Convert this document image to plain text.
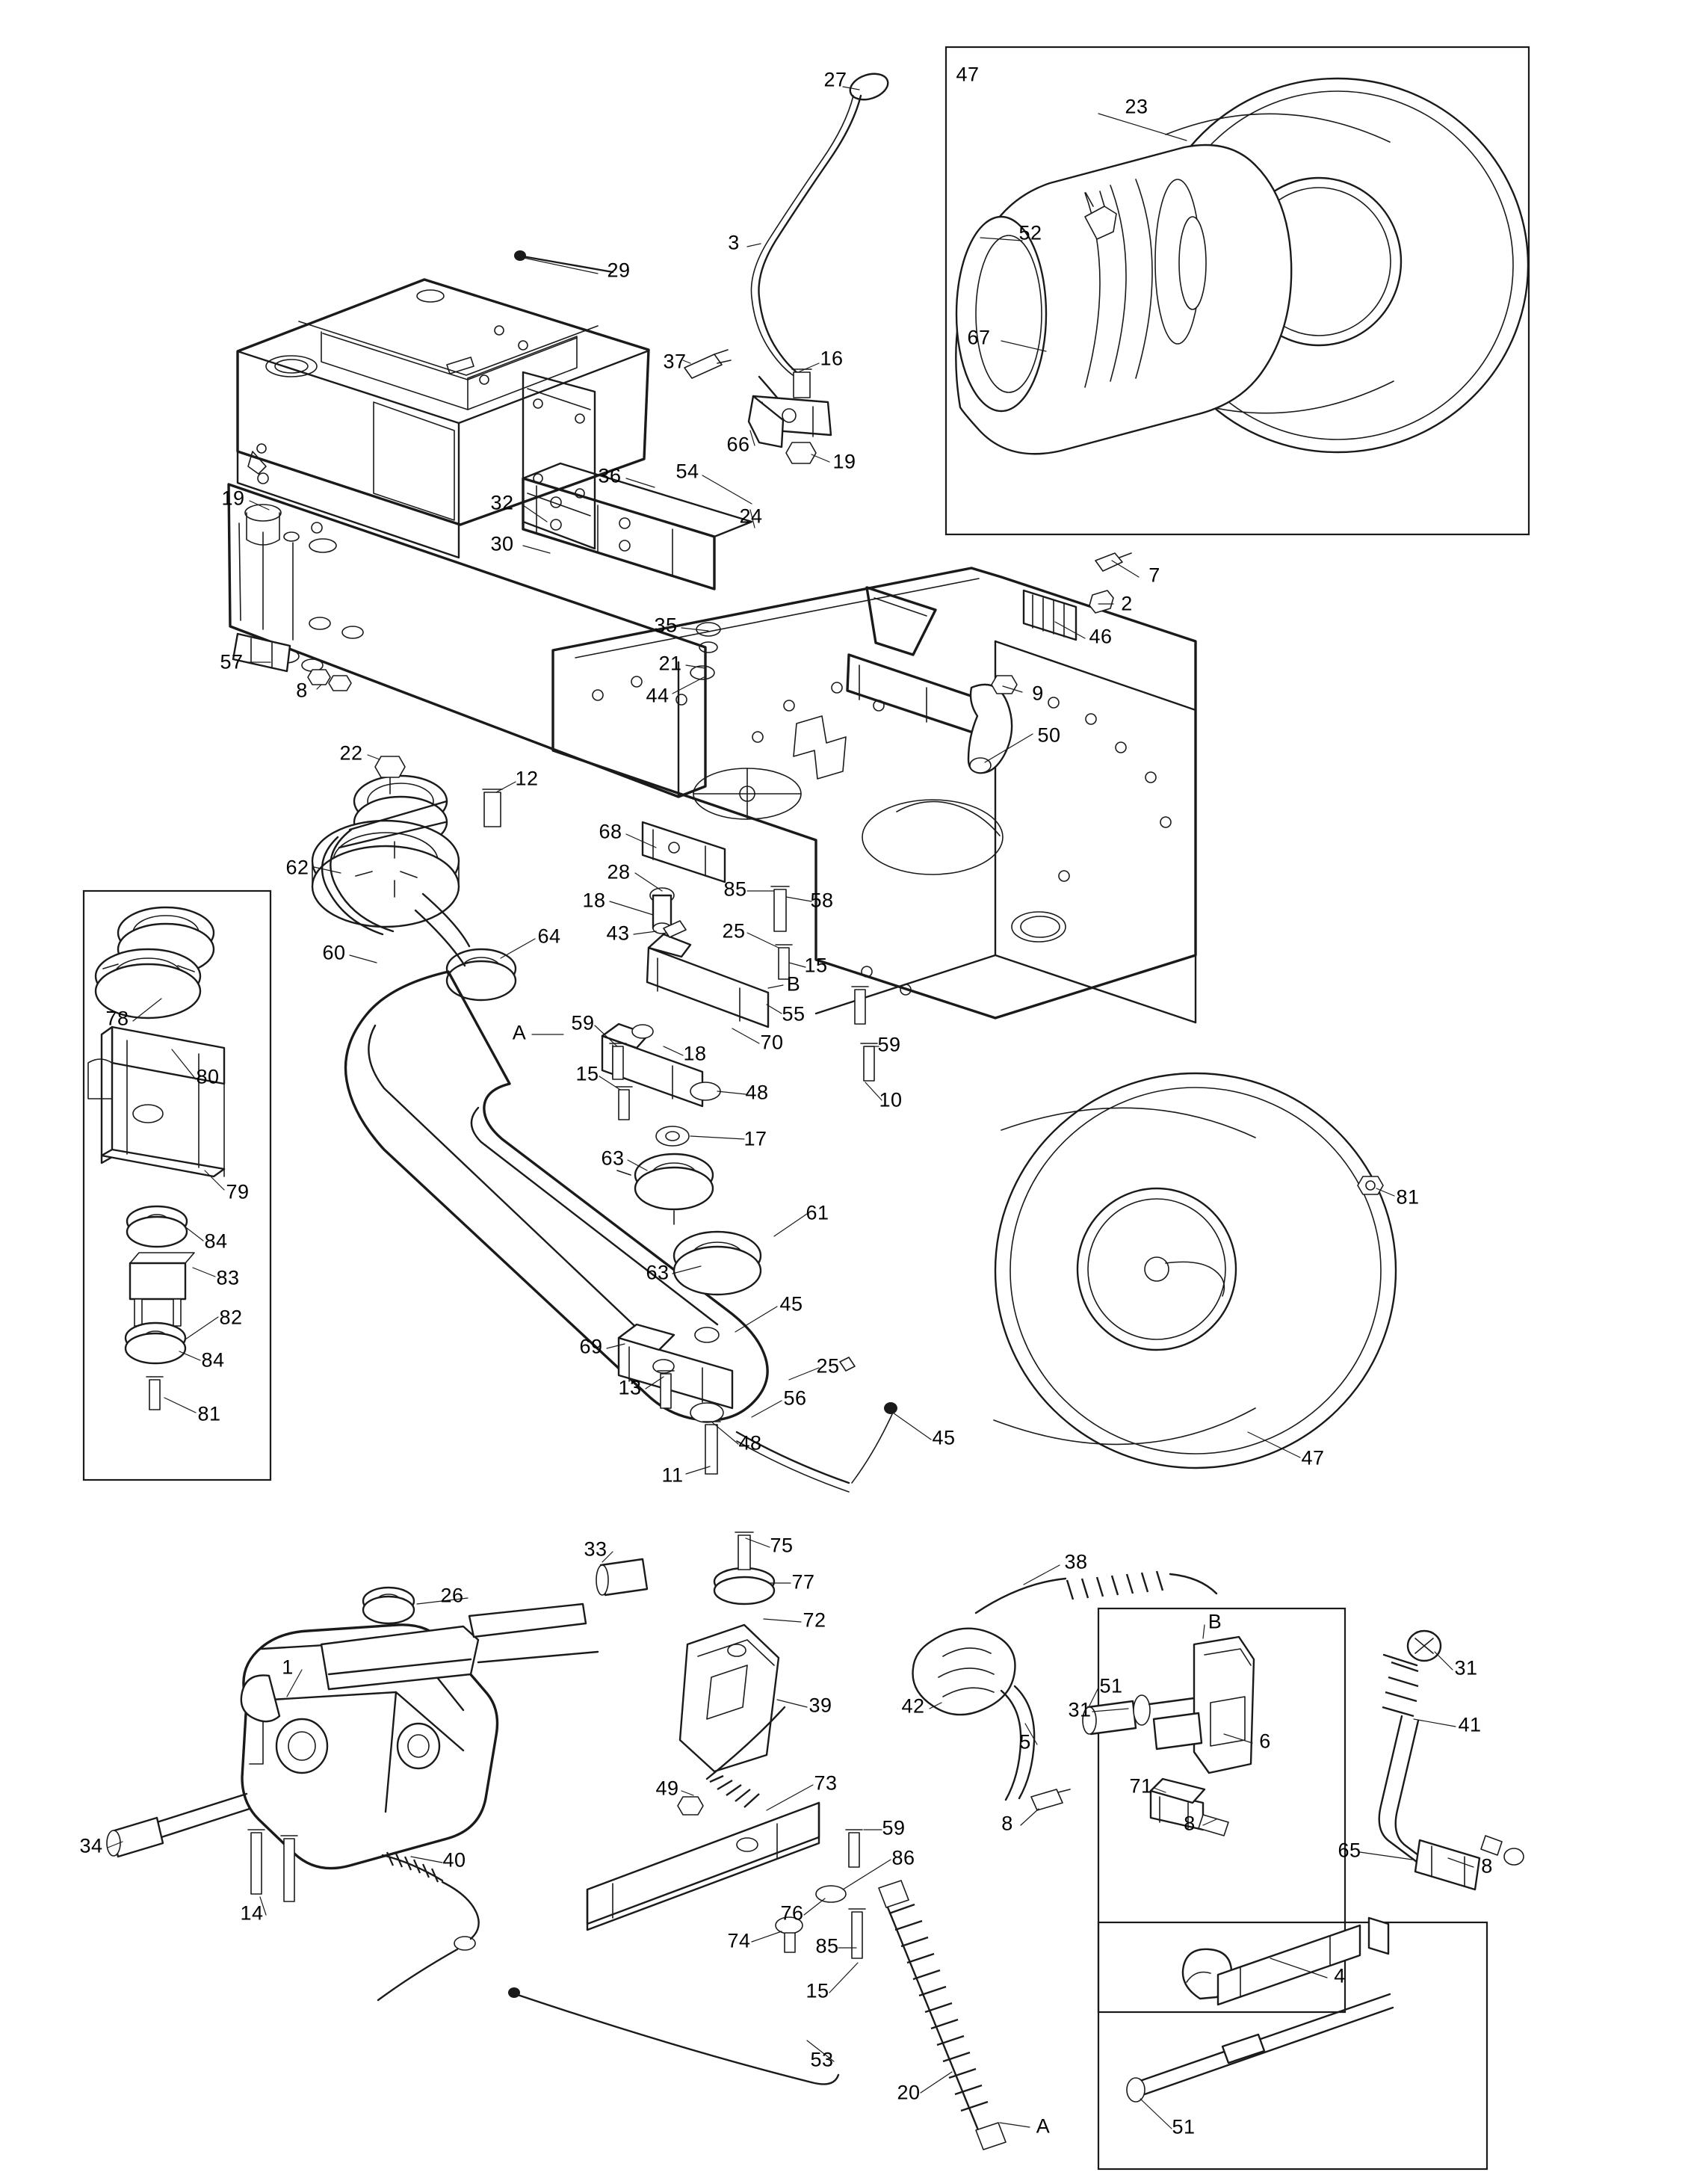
27	47
23
3	52
29
67
37	16
66
19
36	54
32
19
24
30
7
2
46
35
57	21
8	44	9
50
22
12
62
68
28
85	58
18
43	25
15
60
64
B
55
70
A 59
18	59
15
48	10
78
80
79
84
83
82
84
81
17
63
61
63
81
45
69
25
13	56
48	45
11
47
33	75
38
77
72
26
B
1
42
51
31
31
41
39
5	6
49	73	71
8	8
34
59
86	65
8
40
14	76
85
74
15
4
53
20
A	51
